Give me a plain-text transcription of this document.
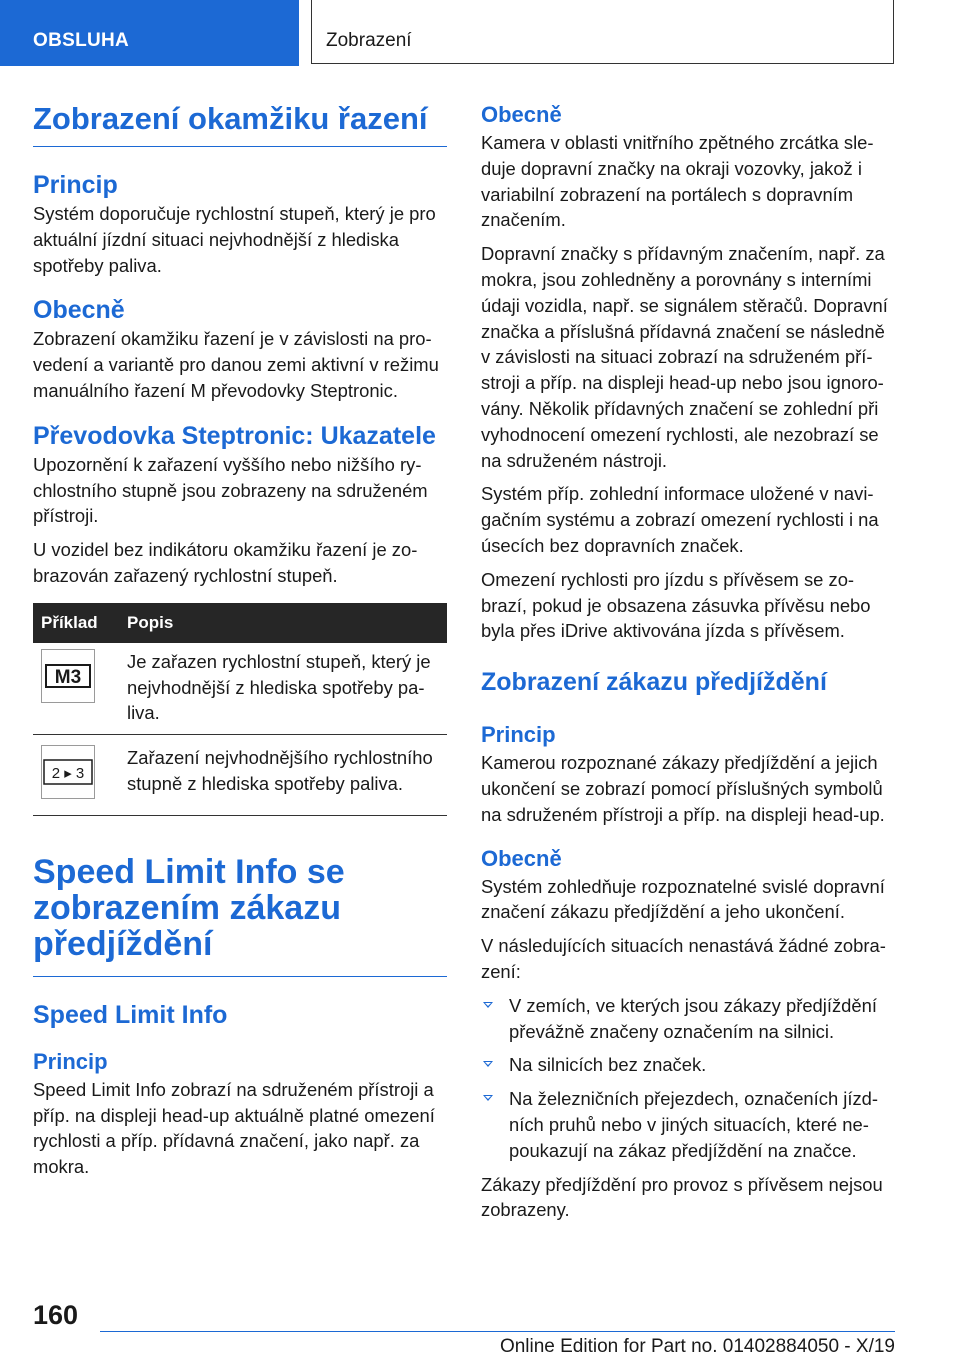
OBSLUHA	Zobrazení
Zobrazení okamžiku řazení
Princip

Systém doporučuje rychlostní stupeň, který je pro aktuální jízdní situaci nejvhodnější z hlediska spotřeby paliva.

Obecně

Zobrazení okamžiku řazení je v závislosti na pro-vedení a variantě pro danou zemi aktivní v režimu manuálního řazení M převodovky Steptronic.

Převodovka Steptronic: Ukazatele

Upozornění k zařazení vyššího nebo nižšího ry-chlostního stupně jsou zobrazeny na sdruženém přístroji.

U vozidel bez indikátoru okamžiku řazení je zo-brazován zařazený rychlostní stupeň.

Příklad	Popis

M3	Je zařazen rychlostní stupeň, který je nejvhodnější z hlediska spotřeby pa-liva.

2 ▸ 3	Zařazení nejvhodnějšího rychlostního stupně z hlediska spotřeby paliva.

Speed Limit Info se zobrazením zákazu předjíždění
Speed Limit Info
Princip

Speed Limit Info zobrazí na sdruženém přístroji a příp. na displeji head-up aktuálně platné omezení rychlosti a příp. přídavná značení, jako např. za mokra.

Obecně

Kamera v oblasti vnitřního zpětného zrcátka sle-duje dopravní značky na okraji vozovky, jakož i variabilní zobrazení na portálech s dopravním značením.

Dopravní značky s přídavným značením, např. za mokra, jsou zohledněny a porovnány s interními údaji vozidla, např. se signálem stěračů. Dopravní značka a příslušná přídavná značení se následně v závislosti na situaci zobrazí na sdruženém pří-stroji a příp. na displeji head-up nebo jsou ignoro-vány. Několik přídavných značení se zohlední při vyhodnocení omezení rychlosti, ale nezobrazí se na sdruženém nástroji.

Systém příp. zohlední informace uložené v navi-gačním systému a zobrazí omezení rychlosti i na úsecích bez dopravních značek.

Omezení rychlosti pro jízdu s přívěsem se zo-brazí, pokud je obsazena zásuvka přívěsu nebo byla přes iDrive aktivována jízda s přívěsem.

Zobrazení zákazu předjíždění
Princip

Kamerou rozpoznané zákazy předjíždění a jejich ukončení se zobrazí pomocí příslušných symbolů na sdruženém přístroji a příp. na displeji head-up.

Obecně

Systém zohledňuje rozpoznatelné svislé dopravní značení zákazu předjíždění a jeho ukončení.

V následujících situacích nenastává žádné zobra-zení:

V zemích, ve kterých jsou zákazy předjíždění převážně značeny označením na silnici.
Na silnicích bez značek.
Na železničních přejezdech, označeních jízd-ních pruhů nebo v jiných situacích, které ne-poukazují na zákaz předjíždění na značce.

Zákazy předjíždění pro provoz s přívěsem nejsou zobrazeny.

160
Online Edition for Part no. 01402884050 - X/19
